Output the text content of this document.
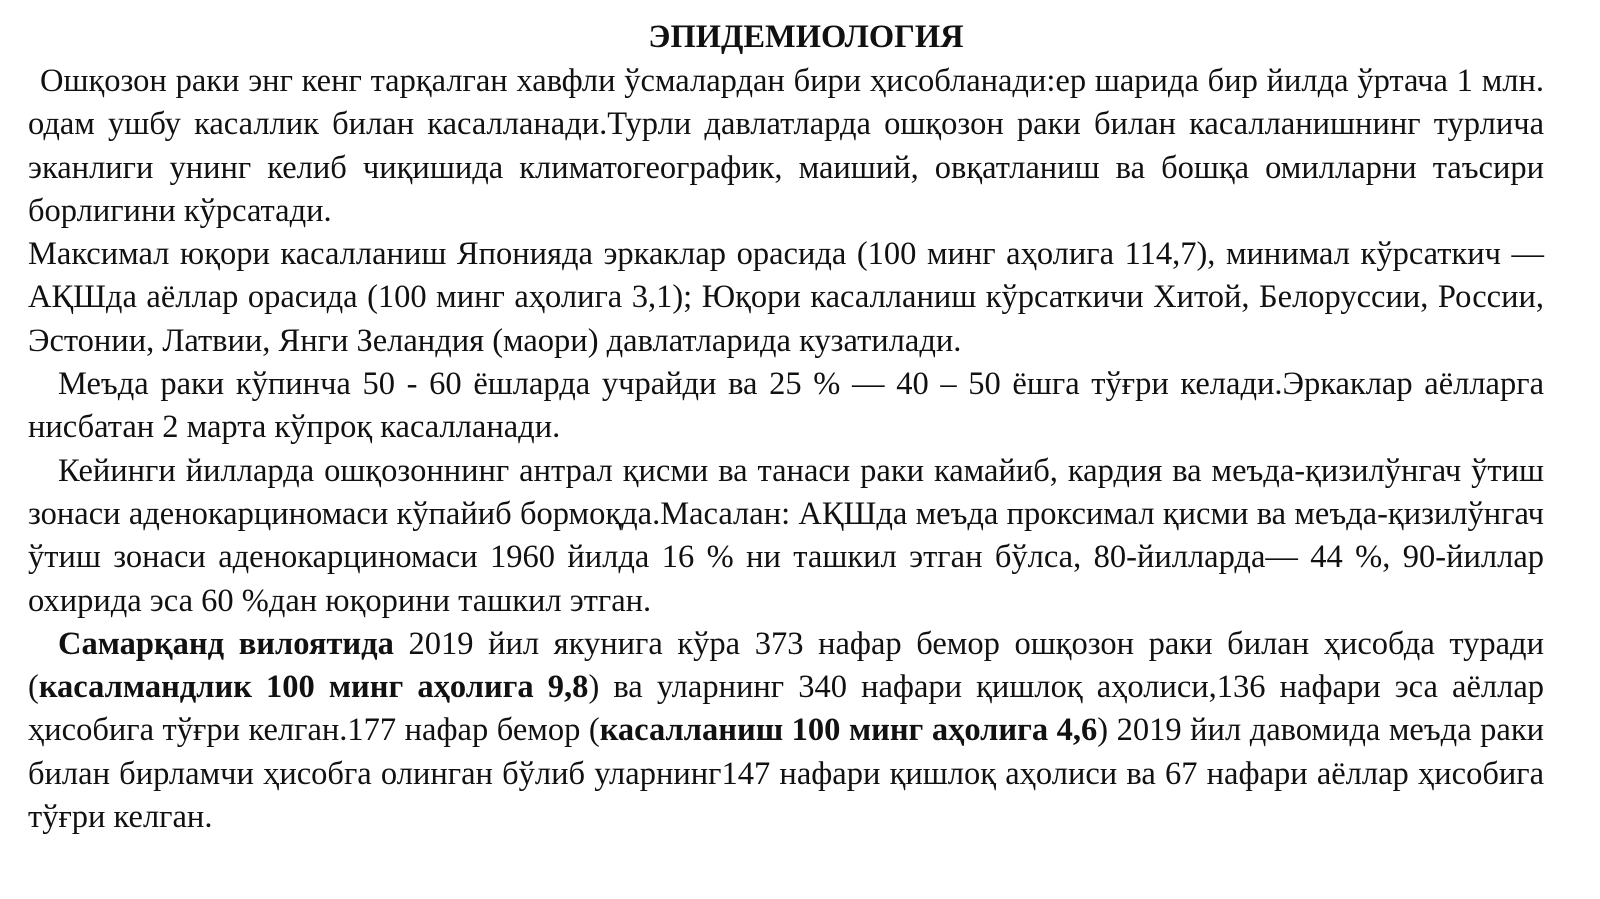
ЭПИДЕМИОЛОГИЯ

Ошқозон раки энг кенг тарқалган хавфли ўсмалардан бири ҳисобланади:ер шарида бир йилда ўртача 1 млн. одам ушбу касаллик билан касалланади.Турли давлатларда ошқозон раки билан касалланишнинг турлича эканлиги унинг келиб чиқишида климатогеографик, маиший, овқатланиш ва бошқа омилларни таъсири борлигини кўрсатади.

Максимал юқори касалланиш Японияда эркаклар орасида (100 минг аҳолига 114,7), минимал кўрсаткич — АҚШда аёллар орасида (100 минг аҳолига 3,1); Юқори касалланиш кўрсаткичи Хитой, Белоруссии, России, Эстонии, Латвии, Янги Зеландия (маори) давлатларида кузатилади.

Меъда раки кўпинча 50 - 60 ёшларда учрайди ва 25 % — 40 – 50 ёшга тўғри келади.Эркаклар аёлларга нисбатан 2 марта кўпроқ касалланади.

Кейинги йилларда ошқозоннинг антрал қисми ва танаси раки камайиб, кардия ва меъда-қизилўнгач ўтиш зонаси аденокарциномаси кўпайиб бормоқда.Масалан: АҚШда меъда проксимал қисми ва меъда-қизилўнгач ўтиш зонаси аденокарциномаси 1960 йилда 16 % ни ташкил этган бўлса, 80-йилларда— 44 %, 90-йиллар охирида эса 60 %дан юқорини ташкил этган.

Самарқанд вилоятида 2019 йил якунига кўра 373 нафар бемор ошқозон раки билан ҳисобда туради (касалмандлик 100 минг аҳолига 9,8) ва уларнинг 340 нафари қишлоқ аҳолиси,136 нафари эса аёллар ҳисобига тўғри келган.177 нафар бемор (касалланиш 100 минг аҳолига 4,6) 2019 йил давомида меъда раки билан бирламчи ҳисобга олинган бўлиб уларнинг147 нафари қишлоқ аҳолиси ва 67 нафари аёллар ҳисобига тўғри келган.
